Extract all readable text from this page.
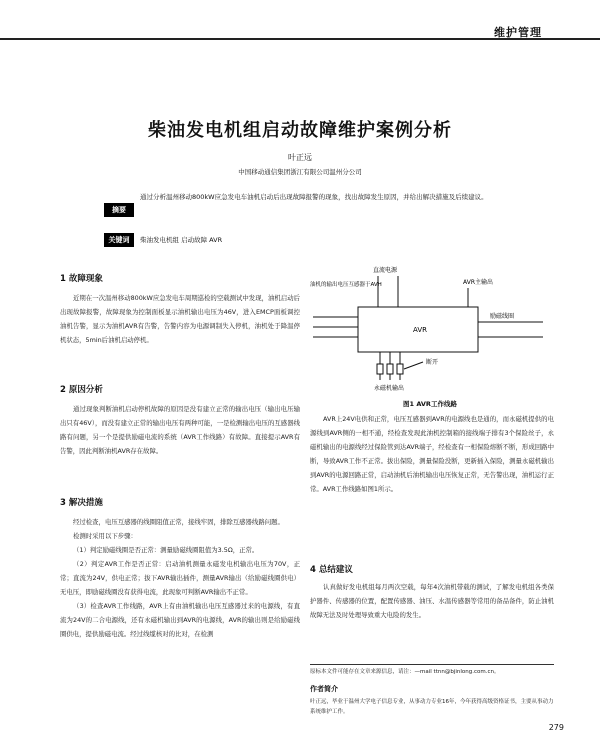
维护管理
柴油发电机组启动故障维护案例分析
叶正远
中国移动通信集团浙江有限公司温州分公司
摘要
通过分析温州移动800kW应急发电车油机启动后出现故障报警的现象，找出故障发生原因，并给出解决措施及后续建议。
关键词	柴油发电机组 启动故障 AVR
1 故障现象

近期在一次温州移动800kW应急发电车周期巡检的空载测试中发现，油机启动后出现故障报警，故障现象为控制面板显示油机输出电压为46V，进入EMCP面板调控油机告警，显示为油机AVR有告警，告警内容为电源调制失入停机，油机处于降温停机状态，5min后油机启动停机。

2 原因分析

通过现象判断油机启动停机故障的原因是没有建立正常的输出电压（输出电压输出只有46V），而没有建立正常的输出电压有两种可能，一是检测输出电压的互感器线路有问题，另一个是提供励磁电流的系统（AVR工作线路）有故障。直接提示AVR有告警，因此判断油机AVR存在故障。

3 解决措施

经过检查，电压互感器的线圈阻值正常，接线牢固，排除互感器线路问题。

检测时采用以下步骤：

（1）判定励磁线圈是否正常：测量励磁线圈阻值为3.5Ω，正常。

（2）判定AVR工作是否正常：启动油机测量永磁发电机输出电压为70V，正常；直流为24V，供电正常；拔下AVR输出插件，测量AVR输出（给励磁线圈供电）无电压，即励磁线圈没有获得电流，此现象可判断AVR输出不正常。

（3）检查AVR工作线路，AVR上有由油机输出电压互感器过来的电源线，有直流为24V的二合电源线，还有永磁机输出到AVR的电源线，AVR的输出则是给励磁线圈供电，提供励磁电流。经过线缆核对的比对，在检测

AVR
直流电源
AVR主输出
励磁线圈
油机的输出电压互感器于AVH
断开
永磁机输出
图1 AVR工作线路

AVR上24V电供和正常，电压互感器到AVR的电源线也是通的，而永磁机提供的电源线到AVR侧的一相不通，经检查发现此油机控制箱的接线端子排有3个保险丝子，永磁机输出的电源线经过保险管到达AVR端子，经检查有一相保险熔断不断，形成回路中断，导致AVR工作不正常。拔出保险，测量保险没断，更新插入保险，测量永磁机输出到AVR的电源回路正常，启动油机后油机输出电压恢复正常，无告警出现，油机运行正常。AVR工作线路如图1所示。

4 总结建议

认真做好发电机组每月两次空载，每年4次油机带载的测试，了解发电机组各类保护器件、传感器的位置，配置传感器、油压、水温传感器等常用的备品备件，防止油机故障无法及时处理导致重大电险的发生。

原标本文件可能存在文章来源信息，请注：—mail ttnn@bjinlong.com.cn。
作者简介
叶正远，毕业于温州大学电子信息专业，从事动力专业16年，今年获得高级资格证书，主要从事动力系统维护工作。
279
